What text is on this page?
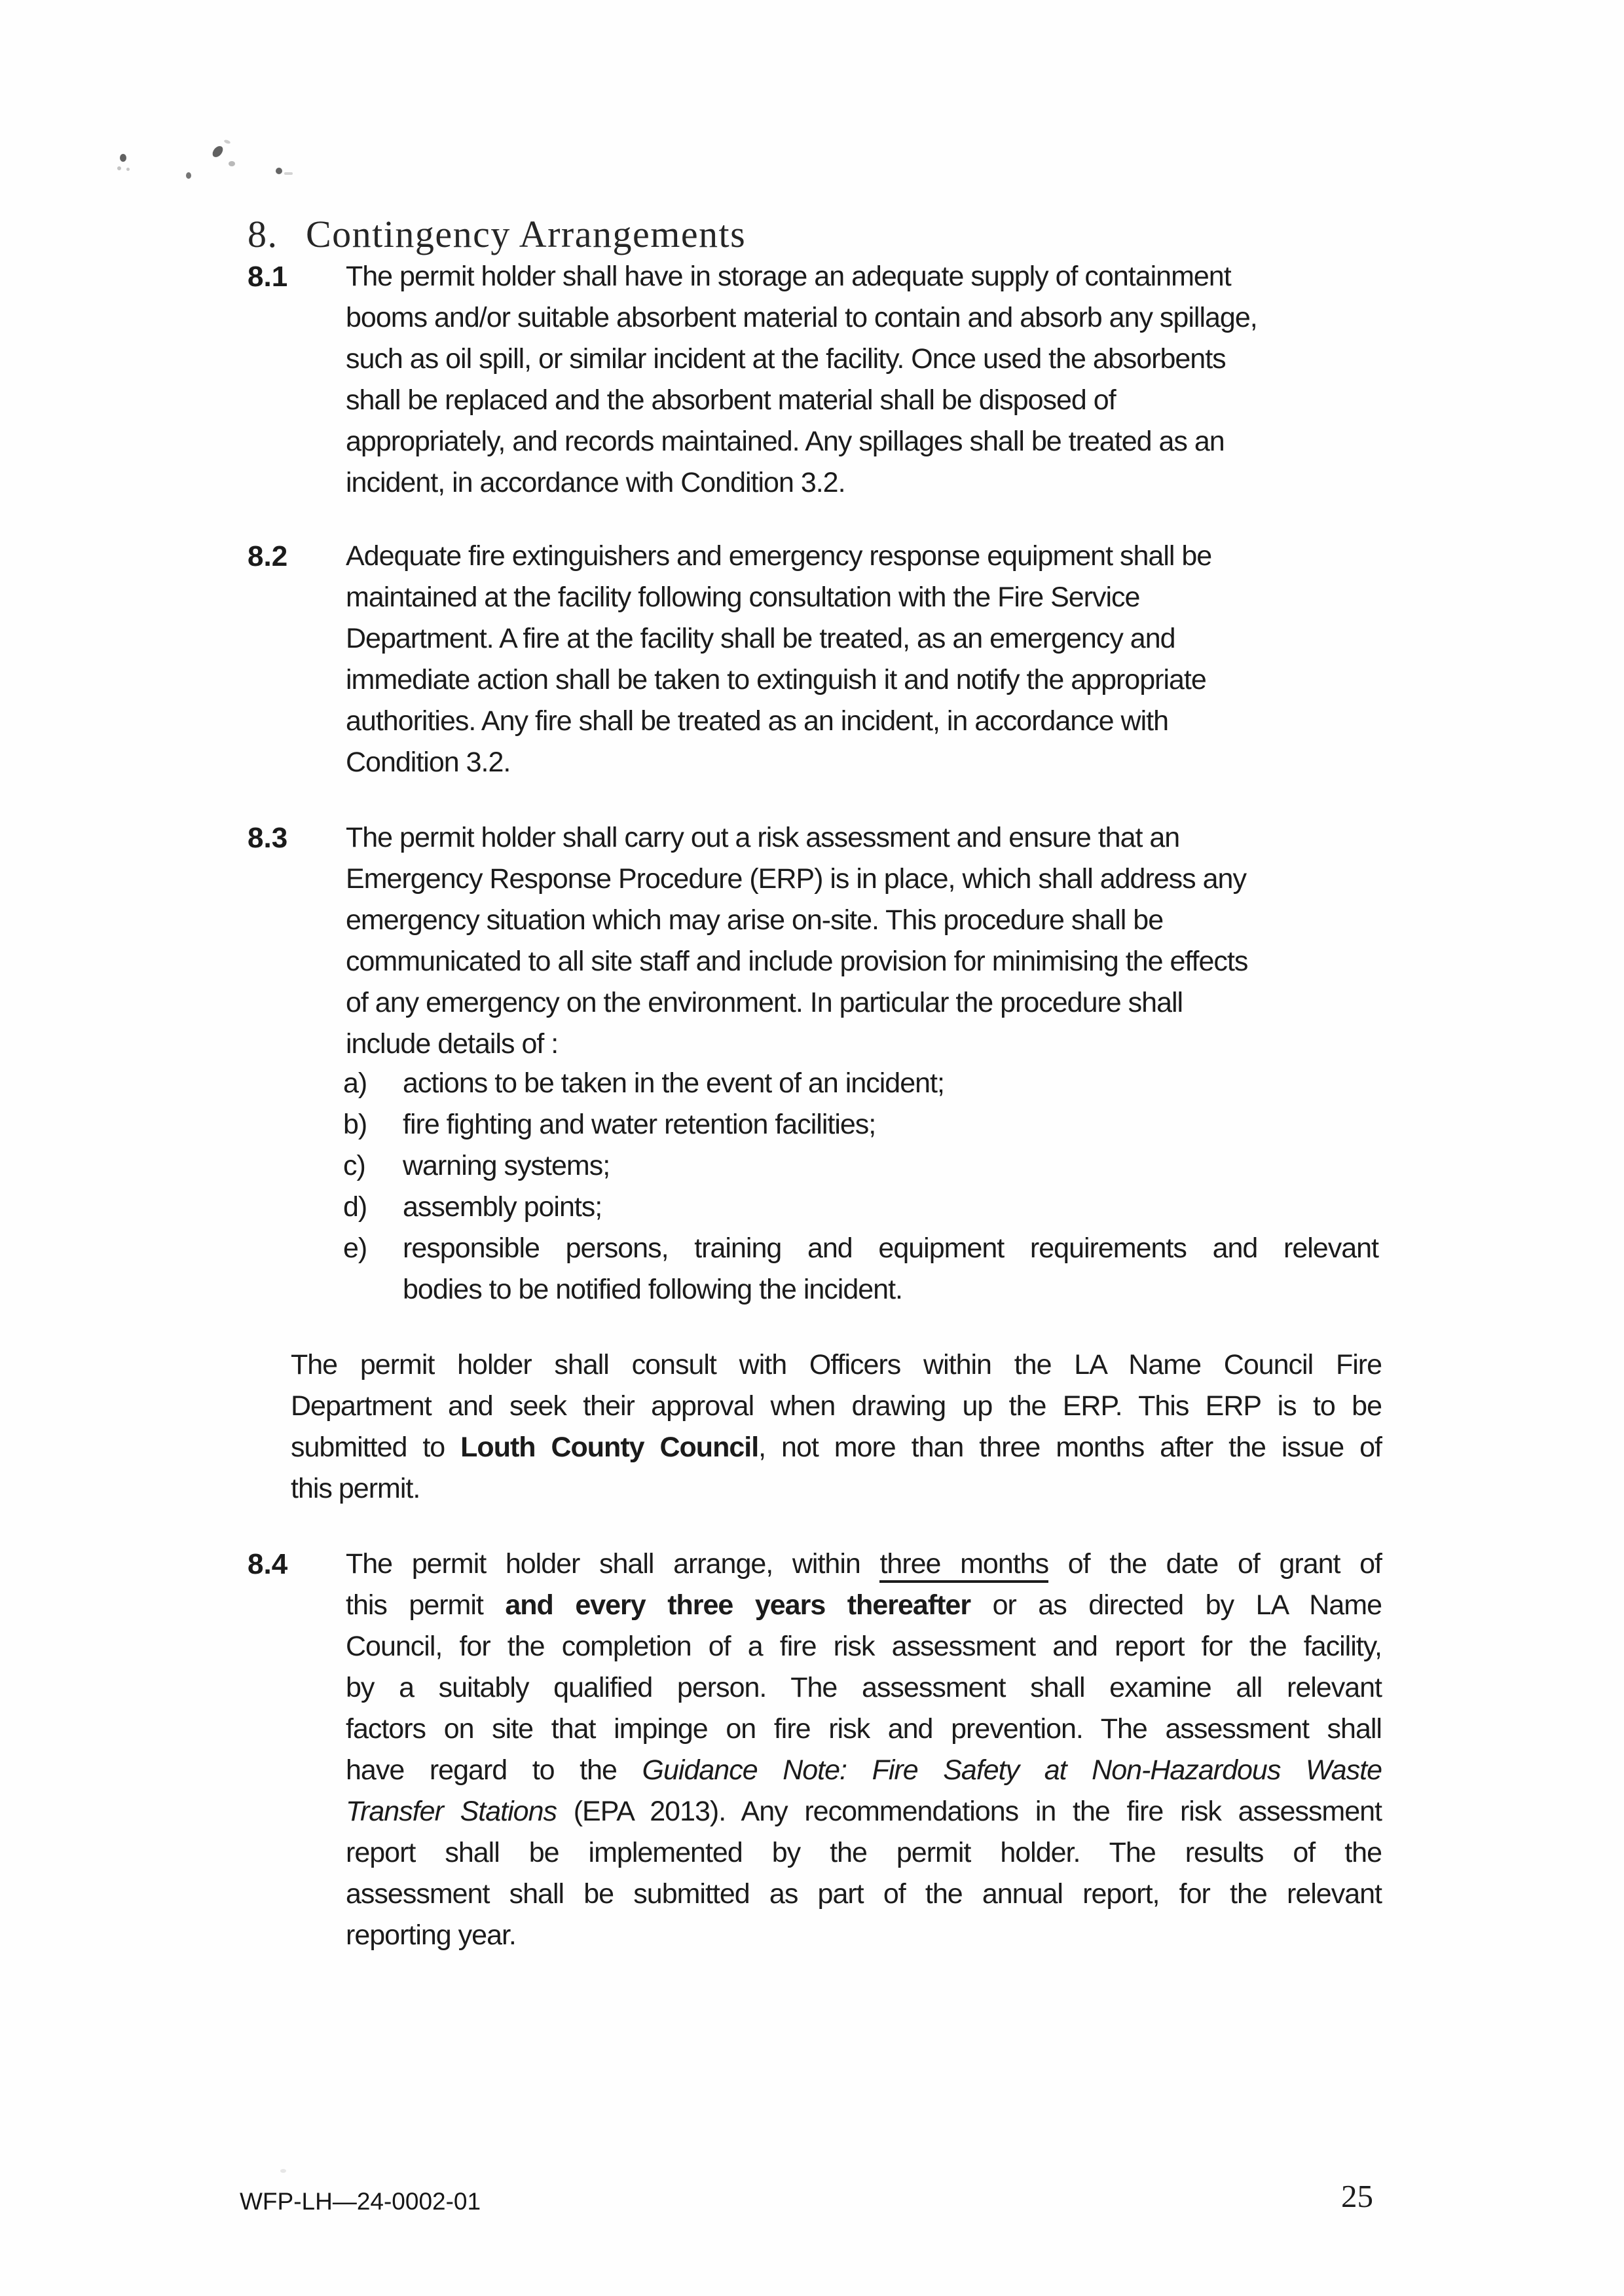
8. Contingency Arrangements
8.1 The permit holder shall have in storage an adequate supply of containment
booms and/or suitable absorbent material to contain and absorb any spillage,
such as oil spill, or similar incident at the facility. Once used the absorbents
shall be replaced and the absorbent material shall be disposed of
appropriately, and records maintained. Any spillages shall be treated as an
incident, in accordance with Condition 3.2.
8.2 Adequate fire extinguishers and emergency response equipment shall be
maintained at the facility following consultation with the Fire Service
Department. A fire at the facility shall be treated, as an emergency and
immediate action shall be taken to extinguish it and notify the appropriate
authorities. Any fire shall be treated as an incident, in accordance with
Condition 3.2.
8.3 The permit holder shall carry out a risk assessment and ensure that an
Emergency Response Procedure (ERP) is in place, which shall address any
emergency situation which may arise on-site. This procedure shall be
communicated to all site staff and include provision for minimising the effects
of any emergency on the environment. In particular the procedure shall
include details of :
a) actions to be taken in the event of an incident;
b) fire fighting and water retention facilities;
c) warning systems;
d) assembly points;
e) responsible persons, training and equipment requirements and relevant
bodies to be notified following the incident.
The permit holder shall consult with Officers within the LA Name Council Fire
Department and seek their approval when drawing up the ERP. This ERP is to be
submitted to Louth County Council, not more than three months after the issue of
this permit.
8.4 The permit holder shall arrange, within three months of the date of grant of
this permit and every three years thereafter or as directed by LA Name
Council, for the completion of a fire risk assessment and report for the facility,
by a suitably qualified person. The assessment shall examine all relevant
factors on site that impinge on fire risk and prevention. The assessment shall
have regard to the Guidance Note: Fire Safety at Non-Hazardous Waste
Transfer Stations (EPA 2013). Any recommendations in the fire risk assessment
report shall be implemented by the permit holder. The results of the
assessment shall be submitted as part of the annual report, for the relevant
reporting year.
WFP-LH—24-0002-01	25
